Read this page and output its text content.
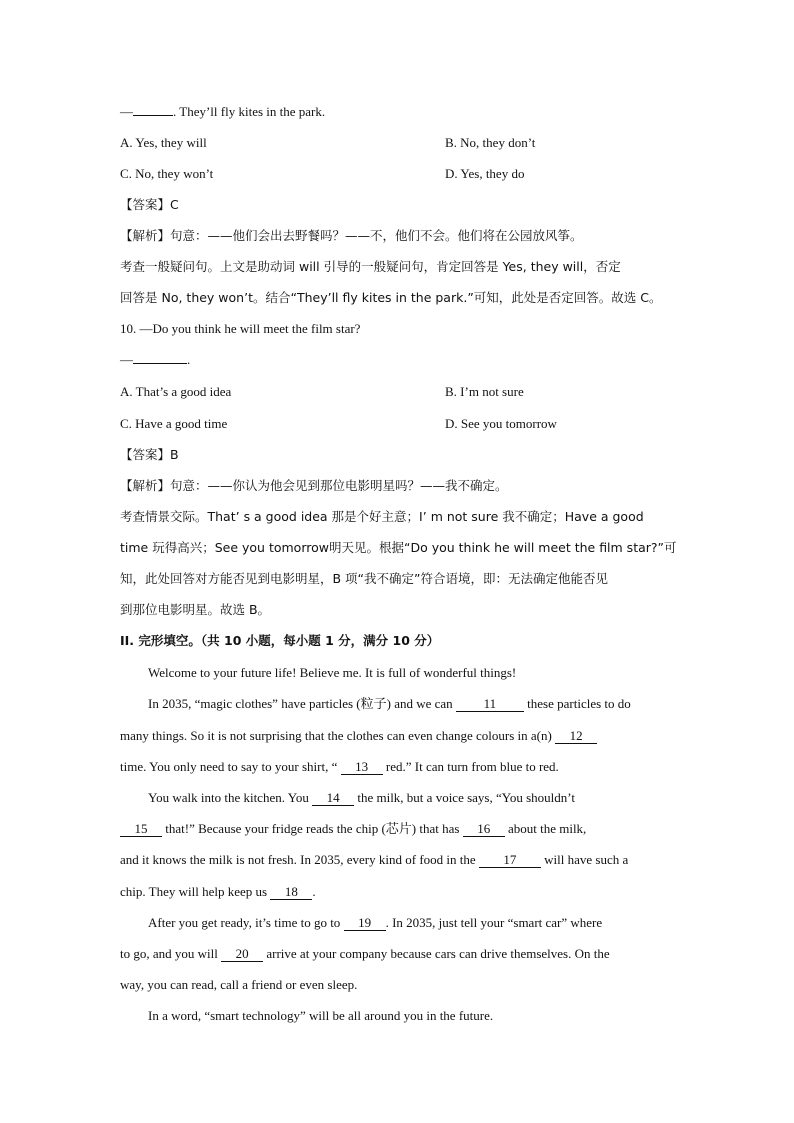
—	. They’ll fly kites in the park.
A. Yes, they will	B. No, they don’t
C. No, they won’t	D. Yes, they do
【答案】C
【解析】句意：——他们会出去野餐吗？——不，他们不会。他们将在公园放风筝。
考查一般疑问句。上文是助动词 will 引导的一般疑问句，肯定回答是 Yes, they will，否定
回答是 No, they won’t。结合“They’ll fly kites in the park.”可知，此处是否定回答。故选 C。
10. —Do you think he will meet the film star?
—	.
A. That’s a good idea	B. I’m not sure
C. Have a good time	D. See you tomorrow
【答案】B
【解析】句意：——你认为他会见到那位电影明星吗？——我不确定。
考查情景交际。That’ s a good idea 那是个好主意；I’ m not sure 我不确定；Have a good
time 玩得高兴；See you tomorrow明天见。根据“Do you think he will meet the film star?”可
知，此处回答对方能否见到电影明星，B 项“我不确定”符合语境，即：无法确定他能否见
到那位电影明星。故选 B。
II. 完形填空。（共 10 小题，每小题 1 分，满分 10 分）
Welcome to your future life! Believe me. It is full of wonderful things!
In 2035, “magic clothes” have particles (粒子) and we can 11 these particles to do
many things. So it is not surprising that the clothes can even change colours in a(n) 12
time. You only need to say to your shirt, “ 13 red.” It can turn from blue to red.
You walk into the kitchen. You 14 the milk, but a voice says, “You shouldn’t
15 that!” Because your fridge reads the chip (芯片) that has 16 about the milk,
and it knows the milk is not fresh. In 2035, every kind of food in the 17 will have such a
chip. They will help keep us 18 .
After you get ready, it’s time to go to 19 . In 2035, just tell your “smart car” where
to go, and you will 20 arrive at your company because cars can drive themselves. On the
way, you can read, call a friend or even sleep.
In a word, “smart technology” will be all around you in the future.
